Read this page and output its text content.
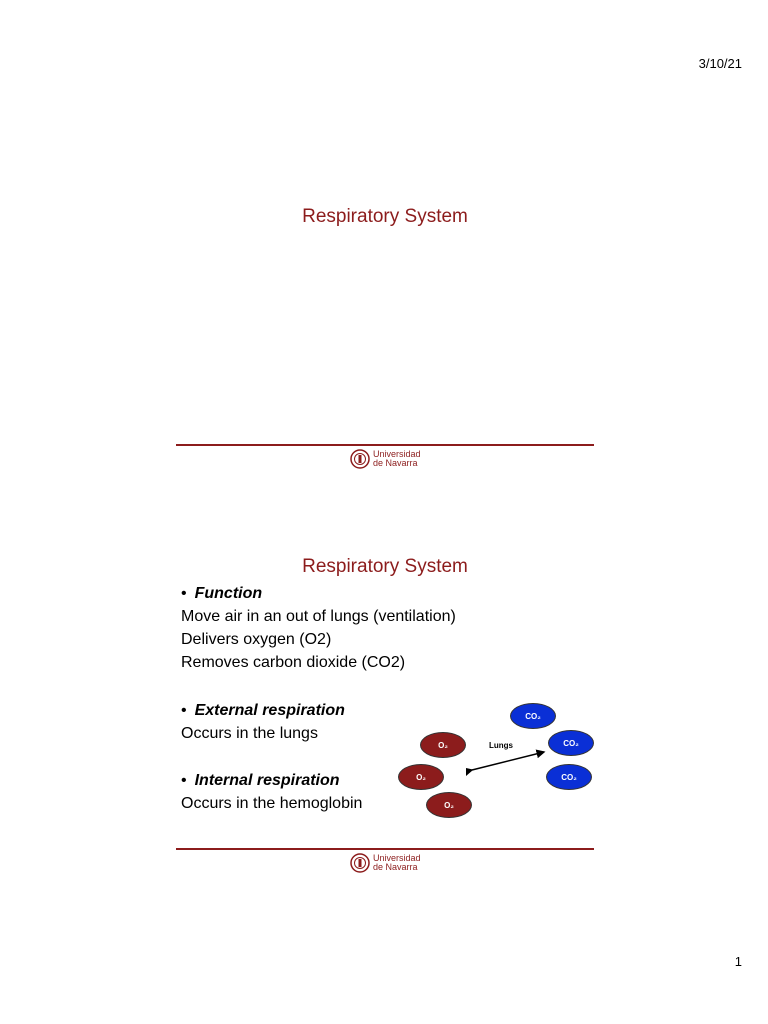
3/10/21
Respiratory System
Universidad
de Navarra
Respiratory System
• Function
Move air in an out of lungs (ventilation)
Delivers oxygen (O2)
Removes carbon dioxide (CO2)
• External respiration
Occurs in the lungs
• Internal respiration
Occurs in the hemoglobin
CO₂
CO₂
CO₂
O₂
O₂
O₂
Lungs
Universidad
de Navarra
1
